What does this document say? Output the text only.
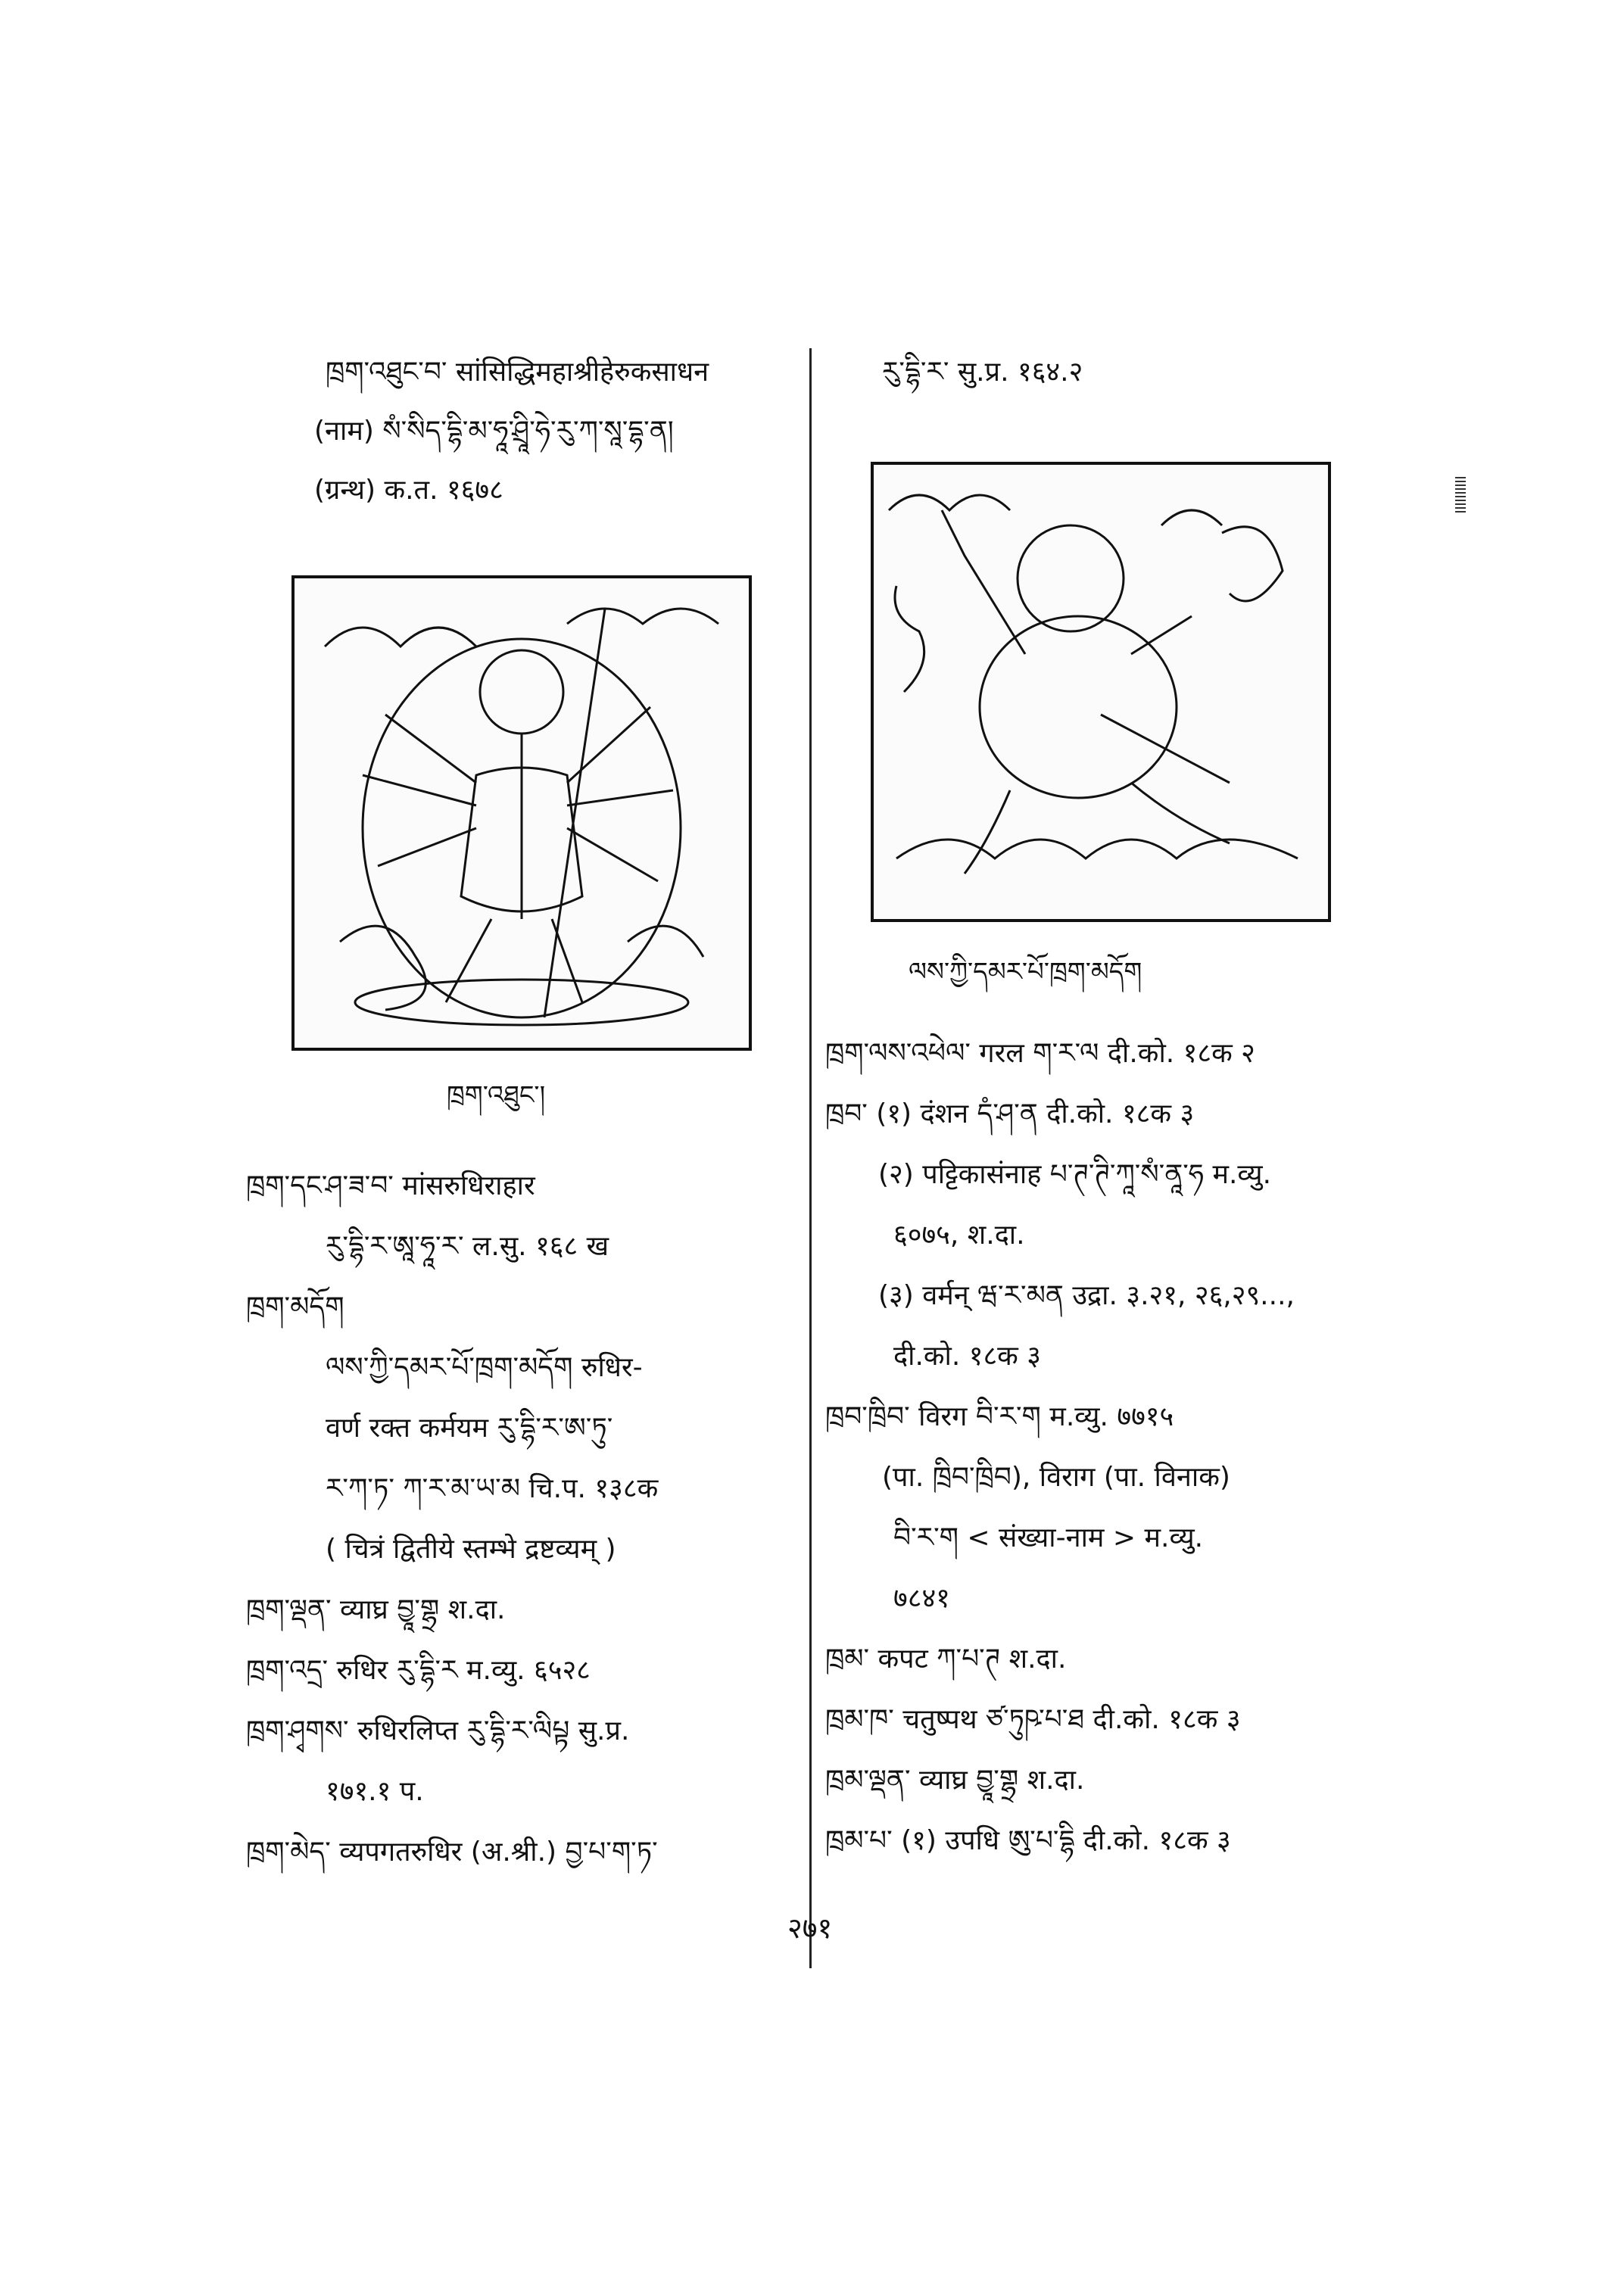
ཁྲག་འཐུང་བ་ सांसिद्धिमहाश्रीहेरुकसाधन
(नाम) སཾ་སིད་དྷི་མ་ཧཱ་ཤྲཱི་ཧེ་རུ་ཀ་སཱ་དྷ་ན།
(ग्रन्थ) क.त. १६७८
ཁྲག་འཐུང་།
ཁྲག་དང་ཤ་ཟ་བ་ मांसरुधिराहार
རུ་དྷི་ར་ཨཱ་ཧཱ་ར་ ल.सु. १६८ ख
ཁྲག་མདོག
ལས་ཀྱི་དམར་པོ་ཁྲག་མདོག रुधिर-
वर्ण रक्त कर्मयम རུ་དྷི་ར་ཨ་ཏུ་
ར་ཀ་ཏ་ ཀ་ར་མ་ཡ་མ चि.प. १३८क
( चित्रं द्वितीये स्तम्भे द्रष्टव्यम् )
ཁྲག་ལྡན་ व्याघ्र བྱཱ་གྷྲ श.दा.
ཁྲག་འདྲ་ रुधिर རུ་དྷི་ར म.व्यु. ६५२८
ཁྲག་ཤྭགས་ रुधिरलिप्त རུ་དྷི་ར་ལིཔྟ सु.प्र.
१७१.१ प.
ཁྲག་མེད་ व्यपगतरुधिर (अ.श्री.) བྱ་པ་ག་ཏ་
རུ་དྷི་ར་ सु.प्र. १६४.२
ལས་ཀྱི་དམར་པོ་ཁྲག་མདོག
ཁྲག་ལས་འཕེལ་ गरल ག་ར་ལ दी.को. १८क २
ཁྲབ་ (१) दंशन དཾ་ཤ་ན दी.को. १८क ३
(२) पट्टिकासंनाह པ་ཊ་ཊི་ཀཱ་སཾ་ནཱ་ཧ म.व्यु.
६०७५, श.दा.
(३) वर्मन् ཝ་ར་མན उद्रा. ३.२१, २६,२९...,
दी.को. १८क ३
ཁྲབ་ཁྲིབ་ विरग བི་ར་ག म.व्यु. ७७१५
(पा. ཁྲིབ་ཁྲིབ), विराग (पा. विनाक)
བི་ར་ག < संख्या-नाम > म.व्यु.
७८४१
ཁྲམ་ कपट ཀ་པ་ཊ श.दा.
ཁྲམ་ཁ་ चतुष्पथ ཙ་ཏུཥ་པ་ཐ दी.को. १८क ३
ཁྲམ་ལྡན་ व्याघ्र བྱཱ་གྷྲ श.दा.
ཁྲམ་པ་ (१) उपधि ཨུ་པ་དྷི दी.को. १८क ३
२७१
